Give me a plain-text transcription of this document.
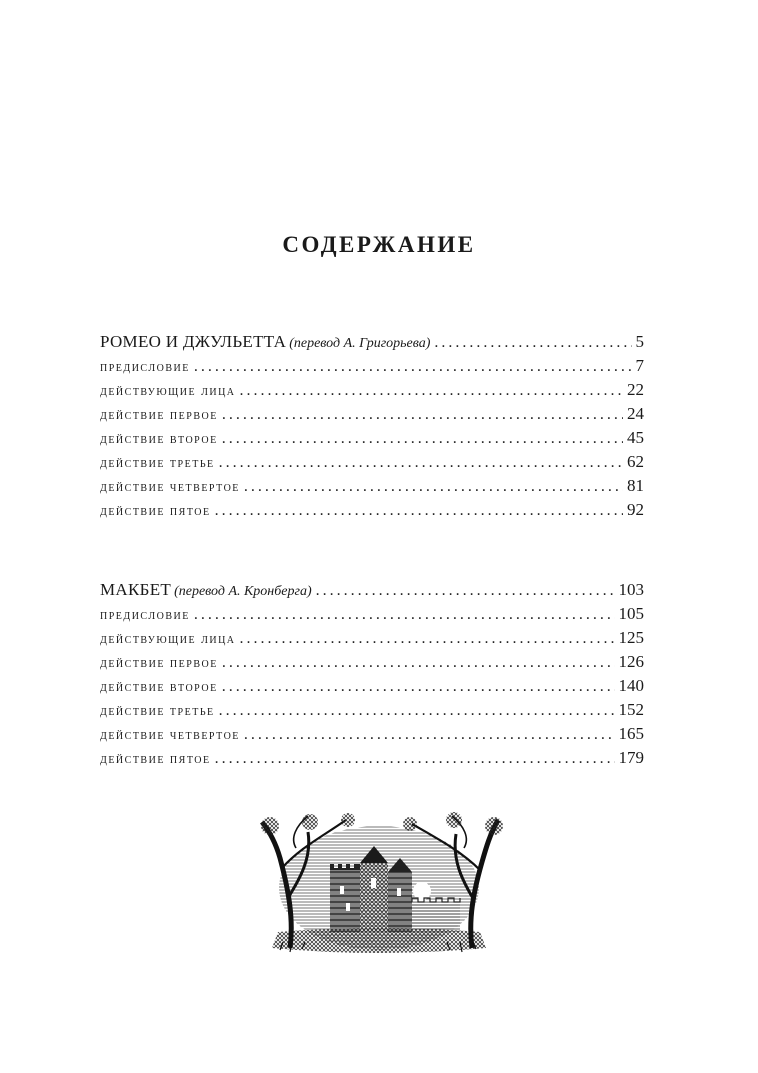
СОДЕРЖАНИЕ
РОМЕО И ДЖУЛЬЕТТА (перевод А. Григорьева) .....	5
предисловие .....	7
действующие лица .....	22
действие первое .....	24
действие второе .....	45
действие третье .....	62
действие четвертое .....	81
действие пятое .....	92
МАКБЕТ (перевод А. Кронберга) .....	103
предисловие .....	105
действующие лица .....	125
действие первое .....	126
действие второе .....	140
действие третье .....	152
действие четвертое .....	165
действие пятое .....	179
